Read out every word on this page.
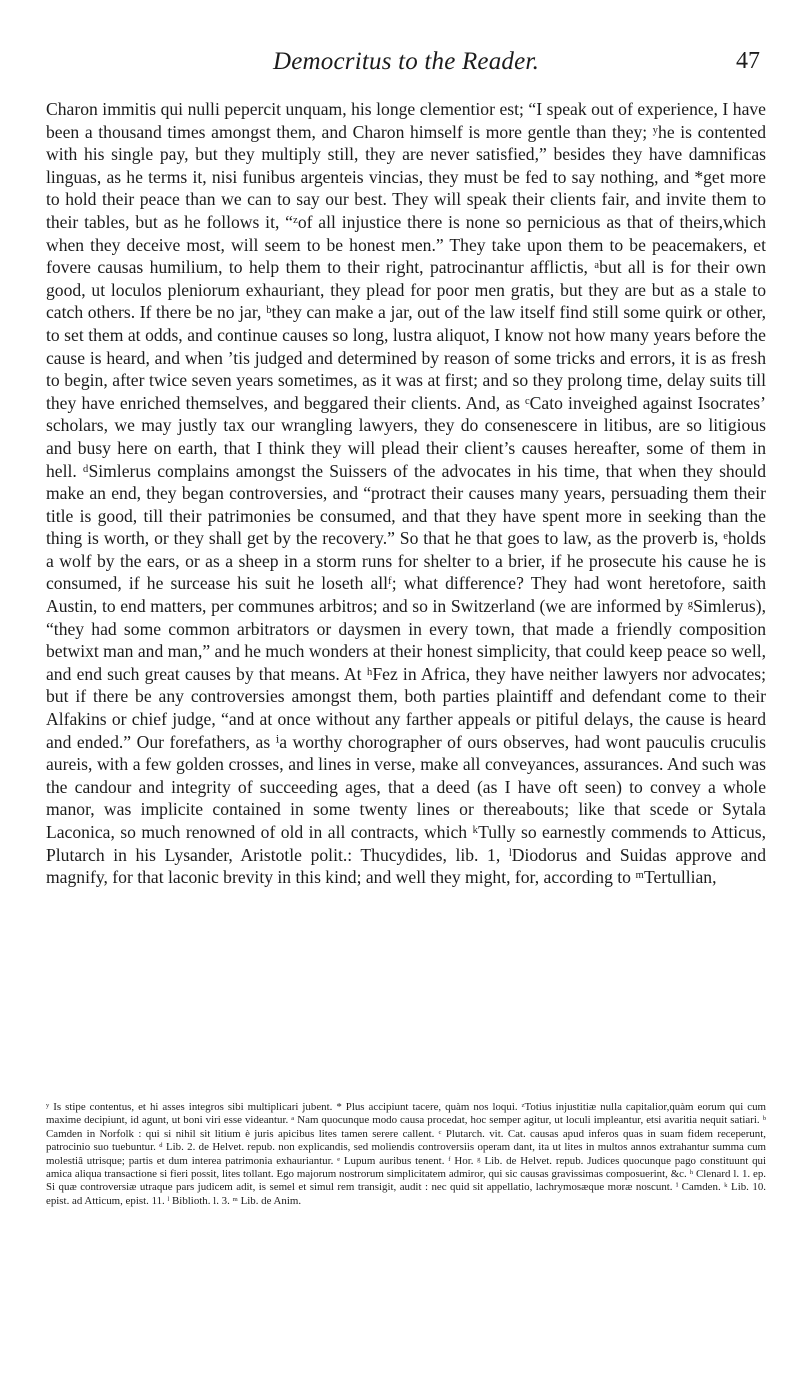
Democritus to the Reader.	47

Charon immitis qui nulli pepercit unquam, his longe clementior est; “I speak out of experience, I have been a thousand times amongst them, and Charon himself is more gentle than they; ʸhe is contented with his single pay, but they multiply still, they are never satisfied,” besides they have damnificas linguas, as he terms it, nisi funibus argenteis vincias, they must be fed to say nothing, and *get more to hold their peace than we can to say our best. They will speak their clients fair, and invite them to their tables, but as he follows it, “ᶻof all injustice there is none so pernicious as that of theirs,which when they deceive most, will seem to be honest men.” They take upon them to be peacemakers, et fovere causas humilium, to help them to their right, patrocinantur afflictis, ᵃbut all is for their own good, ut loculos pleniorum exhauriant, they plead for poor men gratis, but they are but as a stale to catch others. If there be no jar, ᵇthey can make a jar, out of the law itself find still some quirk or other, to set them at odds, and continue causes so long, lustra aliquot, I know not how many years before the cause is heard, and when ’tis judged and determined by reason of some tricks and errors, it is as fresh to begin, after twice seven years sometimes, as it was at first; and so they prolong time, delay suits till they have enriched themselves, and beggared their clients. And, as ᶜCato inveighed against Isocrates’ scholars, we may justly tax our wrangling lawyers, they do consenescere in litibus, are so litigious and busy here on earth, that I think they will plead their client’s causes hereafter, some of them in hell. ᵈSimlerus complains amongst the Suissers of the advocates in his time, that when they should make an end, they began controversies, and “protract their causes many years, persuading them their title is good, till their patrimonies be consumed, and that they have spent more in seeking than the thing is worth, or they shall get by the recovery.” So that he that goes to law, as the proverb is, ᵉholds a wolf by the ears, or as a sheep in a storm runs for shelter to a brier, if he prosecute his cause he is consumed, if he surcease his suit he loseth allᶠ; what difference? They had wont heretofore, saith Austin, to end matters, per communes arbitros; and so in Switzerland (we are informed by ᵍSimlerus), “they had some common arbitrators or daysmen in every town, that made a friendly composition betwixt man and man,” and he much wonders at their honest simplicity, that could keep peace so well, and end such great causes by that means. At ʰFez in Africa, they have neither lawyers nor advocates; but if there be any controversies amongst them, both parties plaintiff and defendant come to their Alfakins or chief judge, “and at once without any farther appeals or pitiful delays, the cause is heard and ended.” Our forefathers, as ⁱa worthy chorographer of ours observes, had wont pauculis cruculis aureis, with a few golden crosses, and lines in verse, make all conveyances, assurances. And such was the candour and integrity of succeeding ages, that a deed (as I have oft seen) to convey a whole manor, was implicite contained in some twenty lines or thereabouts; like that scede or Sytala Laconica, so much renowned of old in all contracts, which ᵏTully so earnestly commends to Atticus, Plutarch in his Lysander, Aristotle polit.: Thucydides, lib. 1, ˡDiodorus and Suidas approve and magnify, for that laconic brevity in this kind; and well they might, for, according to ᵐTertullian,

ʸ Is stipe contentus, et hi asses integros sibi multiplicari jubent. * Plus accipiunt tacere, quàm nos loqui. ᶻTotius injustitiæ nulla capitalior,quàm eorum qui cum maxime decipiunt, id agunt, ut boni viri esse videantur. ᵃ Nam quocunque modo causa procedat, hoc semper agitur, ut loculi impleantur, etsi avaritia nequit satiari. ᵇ Camden in Norfolk : qui si nihil sit litium è juris apicibus lites tamen serere callent. ᶜ Plutarch. vit. Cat. causas apud inferos quas in suam fidem receperunt, patrocinio suo tuebuntur. ᵈ Lib. 2. de Helvet. repub. non explicandis, sed moliendis controversiis operam dant, ita ut lites in multos annos extrahantur summa cum molestiâ utrisque; partis et dum interea patrimonia exhauriantur. ᵉ Lupum auribus tenent. ᶠ Hor. ᵍ Lib. de Helvet. repub. Judices quocunque pago constituunt qui amica aliqua transactione si fieri possit, lites tollant. Ego majorum nostrorum simplicitatem admiror, qui sic causas gravissimas composuerint, &c. ʰ Clenard l. 1. ep. Si quæ controversiæ utraque pars judicem adit, is semel et simul rem transigit, audit : nec quid sit appellatio, lachrymosæque moræ noscunt. ⁱ Camden. ᵏ Lib. 10. epist. ad Atticum, epist. 11. ˡ Biblioth. l. 3. ᵐ Lib. de Anim.
